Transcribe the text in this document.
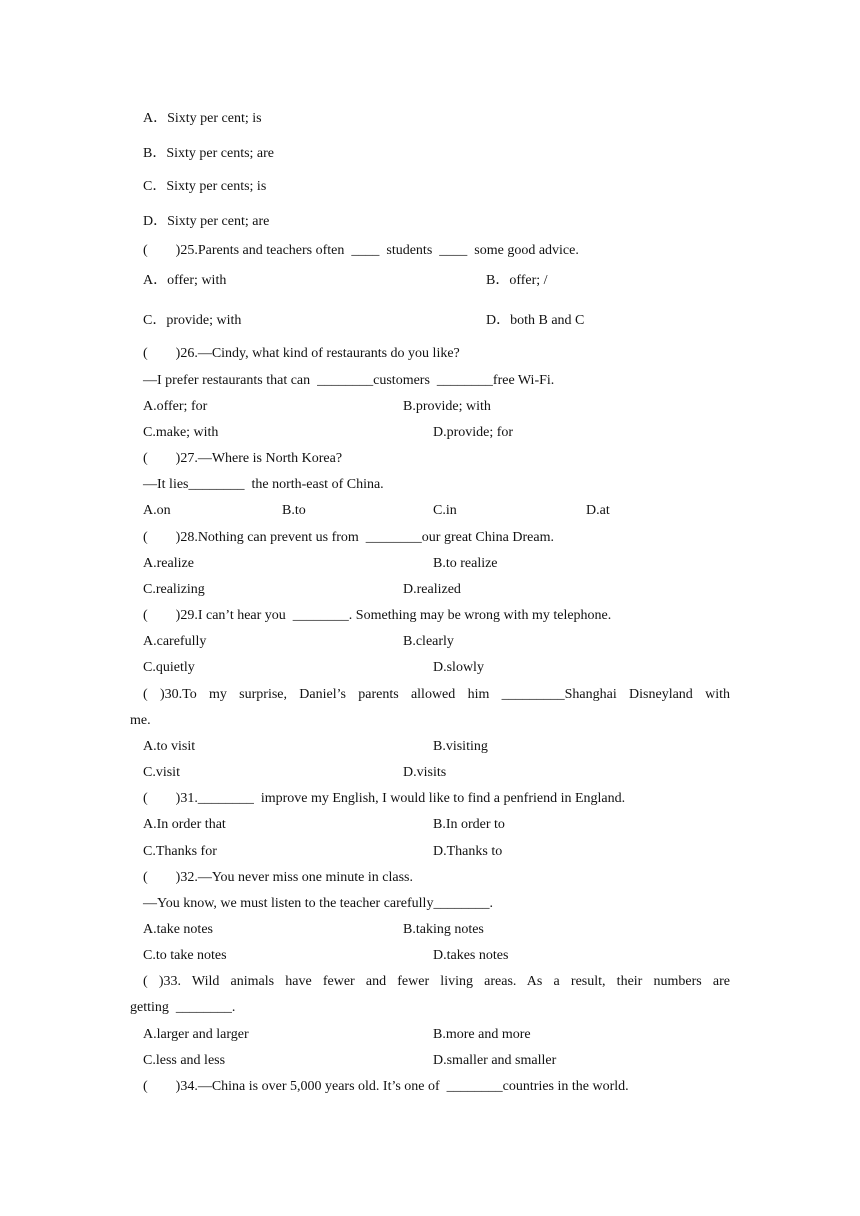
A．Sixty per cent; is
B．Sixty per cents; are
C．Sixty per cents; is
D．Sixty per cent; are
(        )25.Parents and teachers often  ____  students  ____  some good advice.
A．offer; with	B．offer; /
C．provide; with	D．both B and C
(        )26.—Cindy, what kind of restaurants do you like?
—I prefer restaurants that can  ________customers  ________free Wi-Fi.
A.offer; for	B.provide; with
C.make; with	D.provide; for
(        )27.—Where is North Korea?
—It lies________  the north-east of China.
A.on	B.to	C.in	D.at
(        )28.Nothing can prevent us from  ________our great China Dream.
A.realize	B.to realize
C.realizing	D.realized
(        )29.I can’t hear you  ________. Something may be wrong with my telephone.
A.carefully	B.clearly
C.quietly	D.slowly
( )30.To my surprise, Daniel’s parents allowed him _________Shanghai Disneyland with
me.
A.to visit	B.visiting
C.visit	D.visits
(        )31.________  improve my English, I would like to find a penfriend in England.
A.In order that	B.In order to
C.Thanks for	D.Thanks to
(        )32.—You never miss one minute in class.
—You know, we must listen to the teacher carefully________.
A.take notes	B.taking notes
C.to take notes	D.takes notes
( )33. Wild animals have fewer and fewer living areas. As a result, their numbers are
getting  ________.
A.larger and larger	B.more and more
C.less and less	D.smaller and smaller
(        )34.—China is over 5,000 years old. It’s one of  ________countries in the world.
